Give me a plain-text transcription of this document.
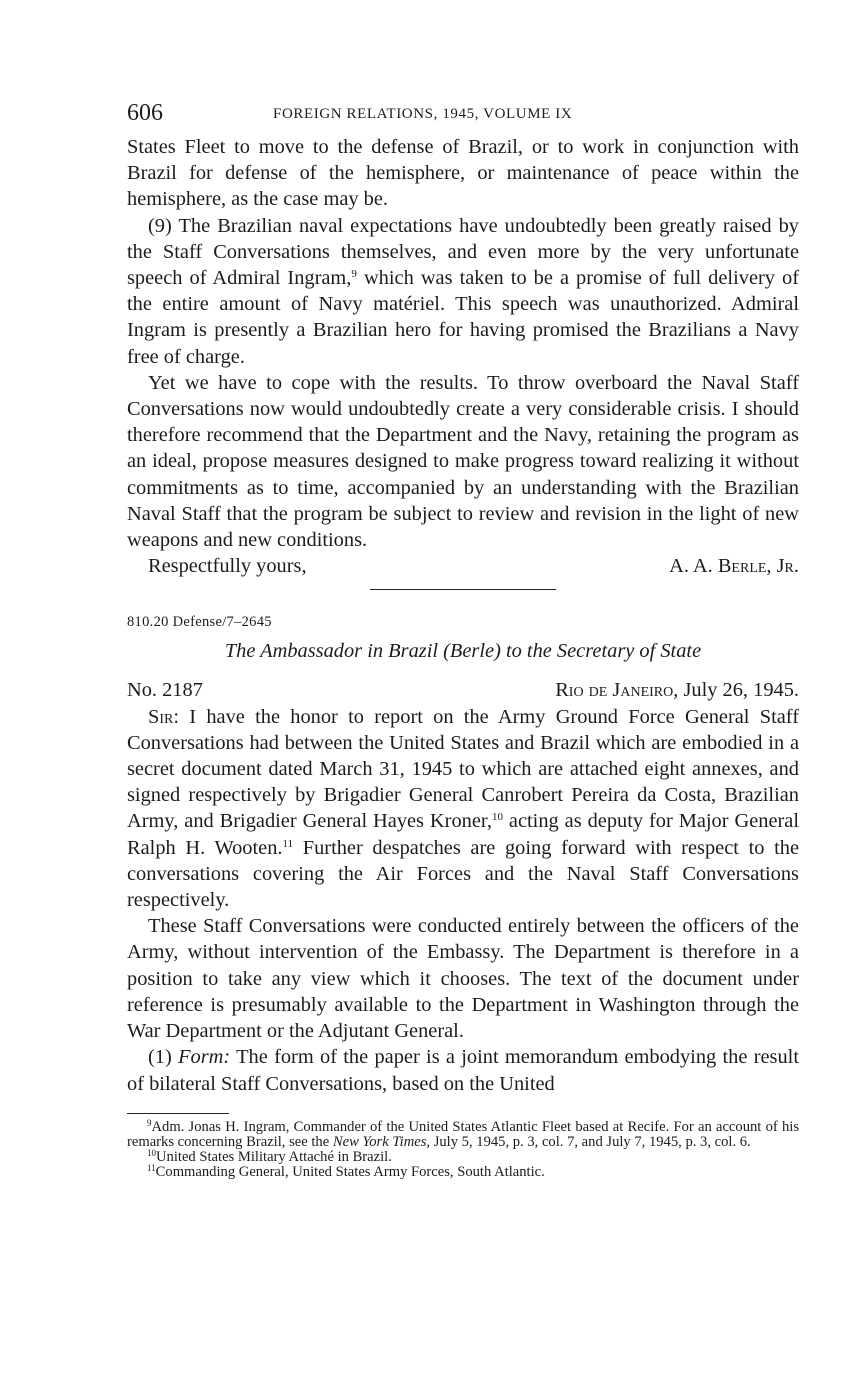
606	FOREIGN RELATIONS, 1945, VOLUME IX

States Fleet to move to the defense of Brazil, or to work in conjunction with Brazil for defense of the hemisphere, or maintenance of peace within the hemisphere, as the case may be.

(9) The Brazilian naval expectations have undoubtedly been greatly raised by the Staff Conversations themselves, and even more by the very unfortunate speech of Admiral Ingram,$^9$ which was taken to be a promise of full delivery of the entire amount of Navy matériel. This speech was unauthorized. Admiral Ingram is presently a Brazilian hero for having promised the Brazilians a Navy free of charge.

Yet we have to cope with the results. To throw overboard the Naval Staff Conversations now would undoubtedly create a very considerable crisis. I should therefore recommend that the Department and the Navy, retaining the program as an ideal, propose measures designed to make progress toward realizing it without commitments as to time, accompanied by an understanding with the Brazilian Naval Staff that the program be subject to review and revision in the light of new weapons and new conditions.

Respectfully yours,	A. A. Berle, Jr.
810.20 Defense/7–2645
The Ambassador in Brazil (Berle) to the Secretary of State
No. 2187	Rio de Janeiro, July 26, 1945.

Sir: I have the honor to report on the Army Ground Force General Staff Conversations had between the United States and Brazil which are embodied in a secret document dated March 31, 1945 to which are attached eight annexes, and signed respectively by Brigadier General Canrobert Pereira da Costa, Brazilian Army, and Brigadier General Hayes Kroner,$^{10}$ acting as deputy for Major General Ralph H. Wooten.$^{11}$ Further despatches are going forward with respect to the conversations covering the Air Forces and the Naval Staff Conversations respectively.

These Staff Conversations were conducted entirely between the officers of the Army, without intervention of the Embassy. The Department is therefore in a position to take any view which it chooses. The text of the document under reference is presumably available to the Department in Washington through the War Department or the Adjutant General.

(1) Form: The form of the paper is a joint memorandum embodying the result of bilateral Staff Conversations, based on the United

$^9$Adm. Jonas H. Ingram, Commander of the United States Atlantic Fleet based at Recife. For an account of his remarks concerning Brazil, see the New York Times, July 5, 1945, p. 3, col. 7, and July 7, 1945, p. 3, col. 6.

$^{10}$United States Military Attaché in Brazil.

$^{11}$Commanding General, United States Army Forces, South Atlantic.
